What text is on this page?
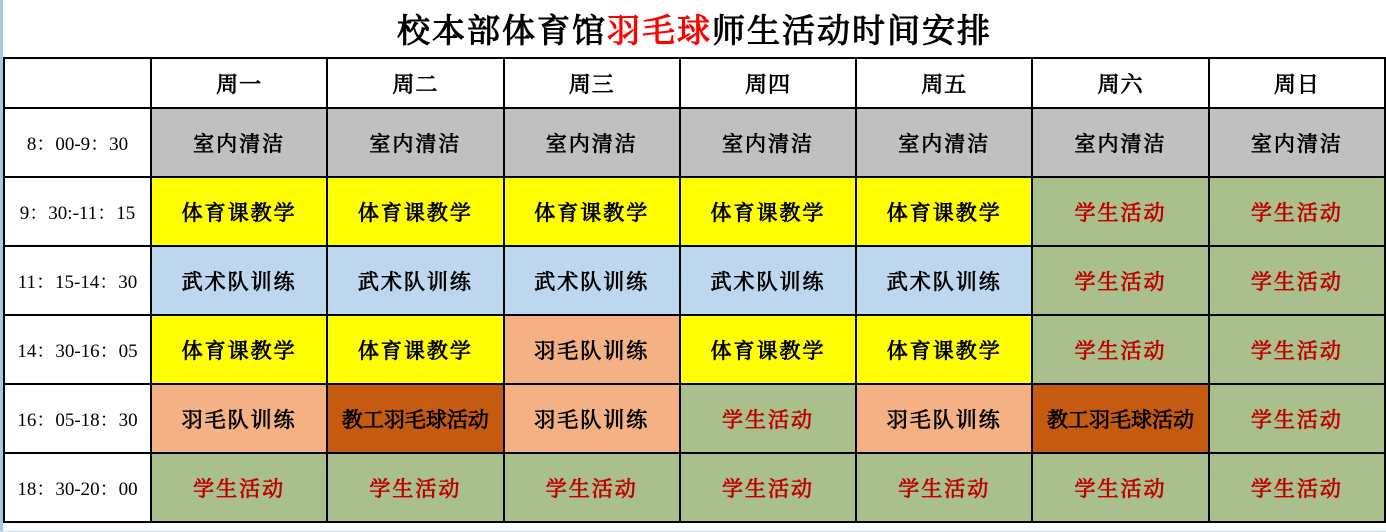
校本部体育馆 羽毛球 师生活动时间安排
	周一	周二	周三	周四	周五	周六	周日
8：00-9：30	室内清洁	室内清洁	室内清洁	室内清洁	室内清洁	室内清洁	室内清洁
9：30:-11：15	体育课教学	体育课教学	体育课教学	体育课教学	体育课教学	学生活动	学生活动
11：15-14：30	武术队训练	武术队训练	武术队训练	武术队训练	武术队训练	学生活动	学生活动
14：30-16：05	体育课教学	体育课教学	羽毛队训练	体育课教学	体育课教学	学生活动	学生活动
16：05-18：30	羽毛队训练	教工羽毛球活动	羽毛队训练	学生活动	羽毛队训练	教工羽毛球活动	学生活动
18：30-20：00	学生活动	学生活动	学生活动	学生活动	学生活动	学生活动	学生活动
